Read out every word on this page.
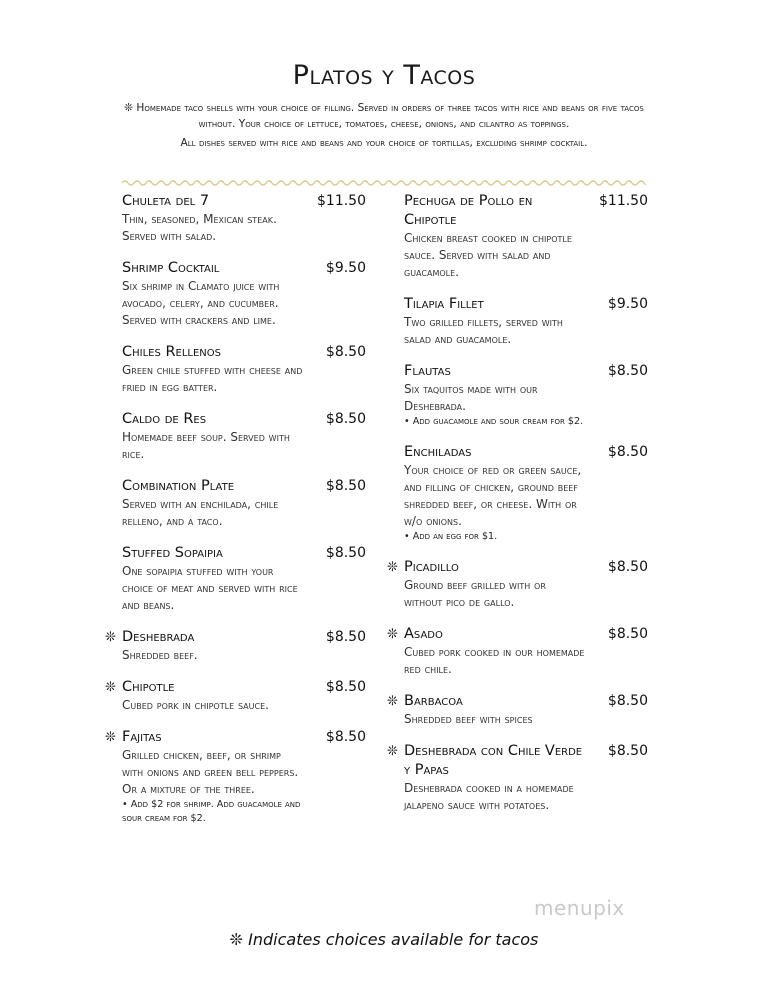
Platos y Tacos

❊ Homemade taco shells with your choice of filling. Served in orders of three tacos with rice and beans or five tacos without. Your choice of lettuce, tomatoes, cheese, onions, and cilantro as toppings.

All dishes served with rice and beans and your choice of tortillas, excluding shrimp cocktail.

Chuleta del 7	$11.50
Thin, seasoned, Mexican steak. Served with salad.
Shrimp Cocktail	$9.50
Six shrimp in Clamato juice with avocado, celery, and cucumber. Served with crackers and lime.
Chiles Rellenos	$8.50
Green chile stuffed with cheese and fried in egg batter.
Caldo de Res	$8.50
Homemade beef soup. Served with rice.
Combination Plate	$8.50
Served with an enchilada, chile relleno, and a taco.
Stuffed Sopaipia	$8.50
One sopaipia stuffed with your choice of meat and served with rice and beans.
❊ Deshebrada	$8.50
Shredded beef.
❊ Chipotle	$8.50
Cubed pork in chipotle sauce.
❊ Fajitas	$8.50
Grilled chicken, beef, or shrimp with onions and green bell peppers. Or a mixture of the three.
• Add $2 for shrimp. Add guacamole and sour cream for $2.
Pechuga de Pollo en Chipotle
$11.50
Chicken breast cooked in chipotle sauce. Served with salad and guacamole.
Tilapia Fillet	$9.50
Two grilled fillets, served with salad and guacamole.
Flautas	$8.50
Six taquitos made with our Deshebrada.
• Add guacamole and sour cream for $2.
Enchiladas	$8.50
Your choice of red or green sauce, and filling of chicken, ground beef shredded beef, or cheese. With or w/o onions.
• Add an egg for $1.
❊ Picadillo	$8.50
Ground beef grilled with or without pico de gallo.
❊ Asado	$8.50
Cubed pork cooked in our homemade red chile.
❊ Barbacoa	$8.50
Shredded beef with spices
❊ Deshebrada con Chile Verde y Papas
$8.50
Deshebrada cooked in a homemade jalapeno sauce with potatoes.
menupix
❊ Indicates choices available for tacos
